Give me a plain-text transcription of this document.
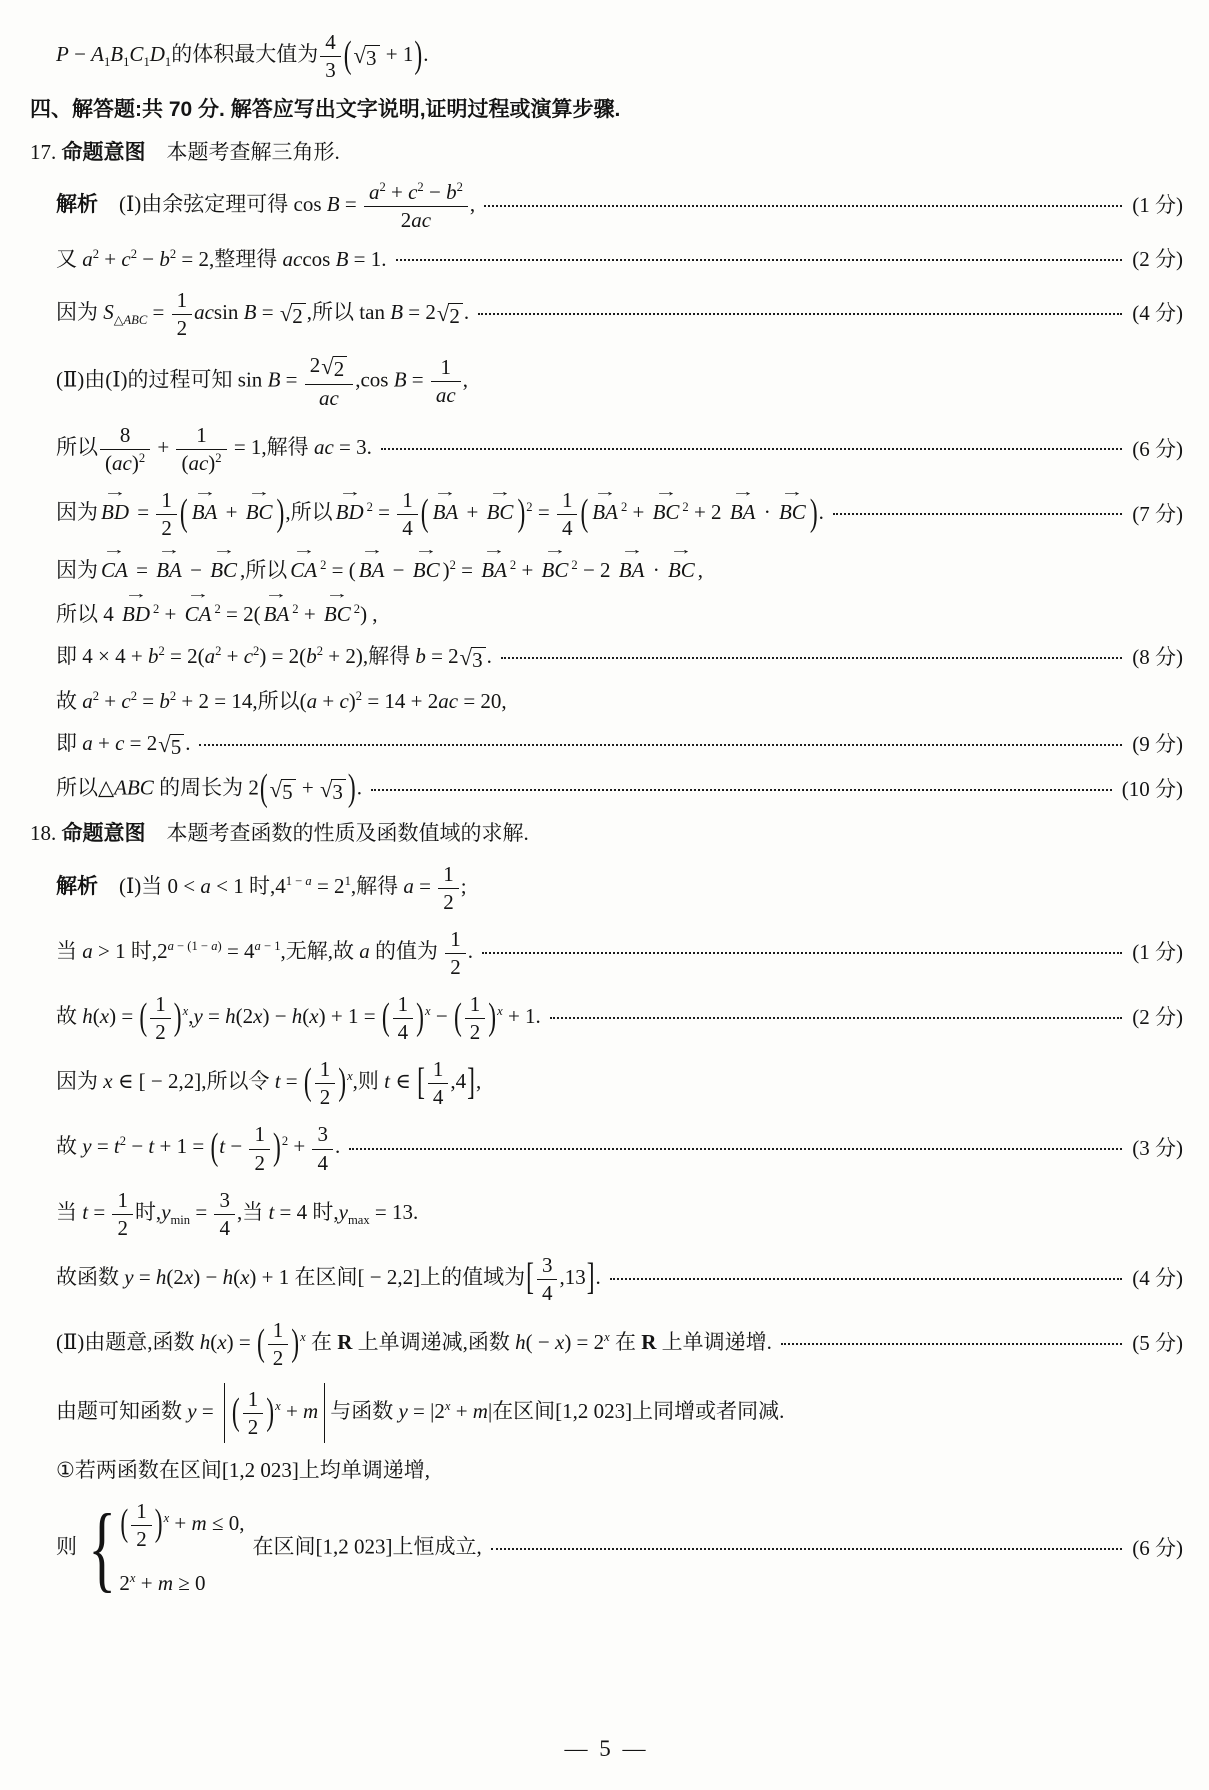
$P - A_1B_1C_1D_1$的体积最大值为 $\frac{4}{3}$ ( √ 3 + 1).
四、解答题:共 70 分. 解答应写出文字说明,证明过程或演算步骤.
17. 命题意图　本题考查解三角形.
解析　(Ⅰ)由余弦定理可得 $\cos B = \frac{a^2 + c^2 - b^2}{2ac}$ ,	(1 分)
又 $a^2 + c^2 - b^2 = 2$,整理得 accos B = 1.	(2 分)
因为 $S_{\triangle ABC} = \frac{1}{2}$ acsin B = √ 2 ,所以 tan B = 2 √ 2 .	(4 分)
(Ⅱ)由(Ⅰ)的过程可知 $\sin B = \frac{2 √ 2}{ac} ,\cos$ $B = \frac{1}{ac}$ ,
所以 $\frac{8}{(ac)^2} + \frac{1}{(ac)^2} = 1$,解得 ac = 3.	(6 分)
因为 → BD = $\frac{1}{2}$ ( → BA + → BC ),所以 → BD $^2 = \frac{1}{4}$ ( → BA + → BC )$^2 = \frac{1}{4}$ ( → BA $^2$ + → BC $^2$ + 2 → BA · → BC ).	(7 分)
因为 → CA = → BA − → BC ,所以 → CA $^2$ = ( → BA − → BC )$^2$ = → BA $^2$ + → BC $^2$ − 2 → BA · → BC ,
所以 4 → BD $^2$ + → CA $^2$ = 2( → BA $^2$ + → BC $^2$) ,
即 $4 \times 4 + b^2 = 2(a^2 + c^2) = 2(b^2 + 2)$,解得 b = 2 √ 3 .	(8 分)
故 $a^2 + c^2 = b^2 + 2 = 14$,所以$(a + c)^2 = 14 + 2ac = 20$,
即 a + c = 2 √ 5 .	(9 分)
所以△ABC 的周长为 2( √ 5 + √ 3 ).	(10 分)
18. 命题意图　本题考查函数的性质及函数值域的求解.
解析　(Ⅰ)当 0 < a < 1 时$,4^{1 - a} = 2^1$,解得 $a = \frac{1}{2}$ ;
当 a > 1 时$,2^{a - (1 - a)} = 4^{a - 1}$,无解,故 a 的值为 $\frac{1}{2}$ .	(1 分)
故 h(x) = ( $\frac{1}{2} )^x,y = h(2x) - h(x) + 1$ = ( $\frac{1}{4} )^x$ − ( $\frac{1}{2} )^x + 1$.	(2 分)
因为 x ∈ [ − 2,2],所以令 t = ( $\frac{1}{2} )^x$,则 t ∈ [ $\frac{1}{4} ,4$],
故 $y = t^2 - t + 1 = (t - \frac{1}{2} )^2 + \frac{3}{4}$ .	(3 分)
当 $t = \frac{1}{2}$ 时$,y_{min} = \frac{3}{4}$ ,当 t = 4 时$,y_{max} = 13$.
故函数 y = h(2x) − h(x) + 1 在区间[ − 2,2]上的值域为[ $\frac{3}{4} ,13$].	(4 分)
(Ⅱ)由题意,函数 h(x) = ( $\frac{1}{2} )^x$ 在 R 上单调递减,函数 $h( - x) = 2^x$ 在 R 上单调递增.	(5 分)
由题可知函数 y = ( $\frac{1}{2} )^x + m$ 与函数 $y = |2^x + m|$在区间[1,2 023]上同增或者同减.
①若两函数在区间[1,2 023]上均单调递增,
则 { ( $\frac{1}{2} )^x + m \le 0$,
$2^x + m \ge 0$
在区间[1,2 023]上恒成立,	(6 分)
— 5 —
